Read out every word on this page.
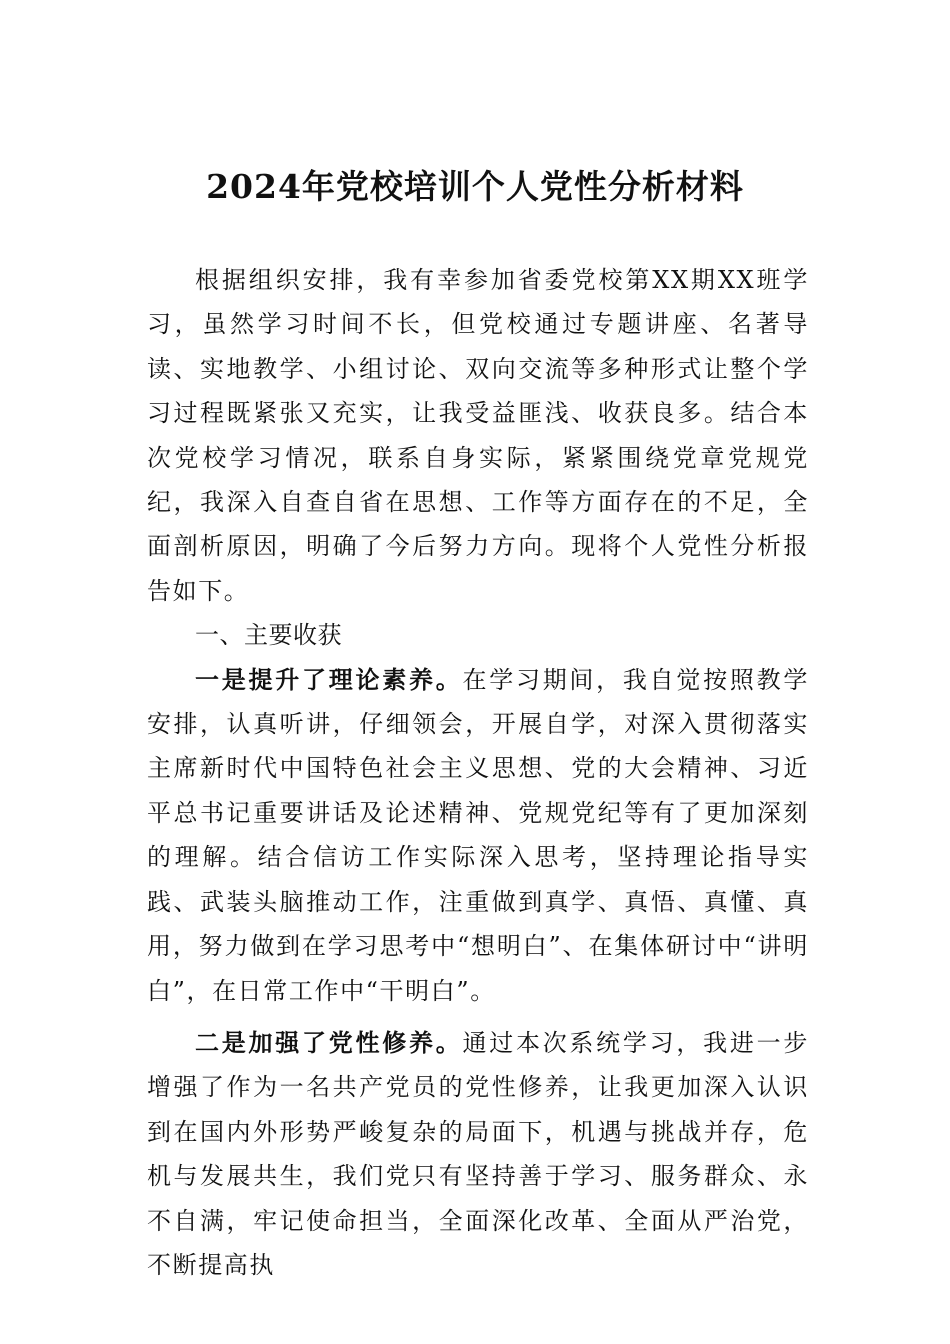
2024年党校培训个人党性分析材料

根据组织安排，我有幸参加省委党校第XX期XX班学习，虽然学习时间不长，但党校通过专题讲座、名著导读、实地教学、小组讨论、双向交流等多种形式让整个学习过程既紧张又充实，让我受益匪浅、收获良多。结合本次党校学习情况，联系自身实际，紧紧围绕党章党规党纪，我深入自查自省在思想、工作等方面存在的不足，全面剖析原因，明确了今后努力方向。现将个人党性分析报告如下。

一、主要收获

一是提升了理论素养。在学习期间，我自觉按照教学安排，认真听讲，仔细领会，开展自学，对深入贯彻落实主席新时代中国特色社会主义思想、党的大会精神、习近平总书记重要讲话及论述精神、党规党纪等有了更加深刻的理解。结合信访工作实际深入思考，坚持理论指导实践、武装头脑推动工作，注重做到真学、真悟、真懂、真用，努力做到在学习思考中“想明白”、在集体研讨中“讲明白”，在日常工作中“干明白”。

二是加强了党性修养。通过本次系统学习，我进一步增强了作为一名共产党员的党性修养，让我更加深入认识到在国内外形势严峻复杂的局面下，机遇与挑战并存，危机与发展共生，我们党只有坚持善于学习、服务群众、永不自满，牢记使命担当，全面深化改革、全面从严治党，不断提高执
